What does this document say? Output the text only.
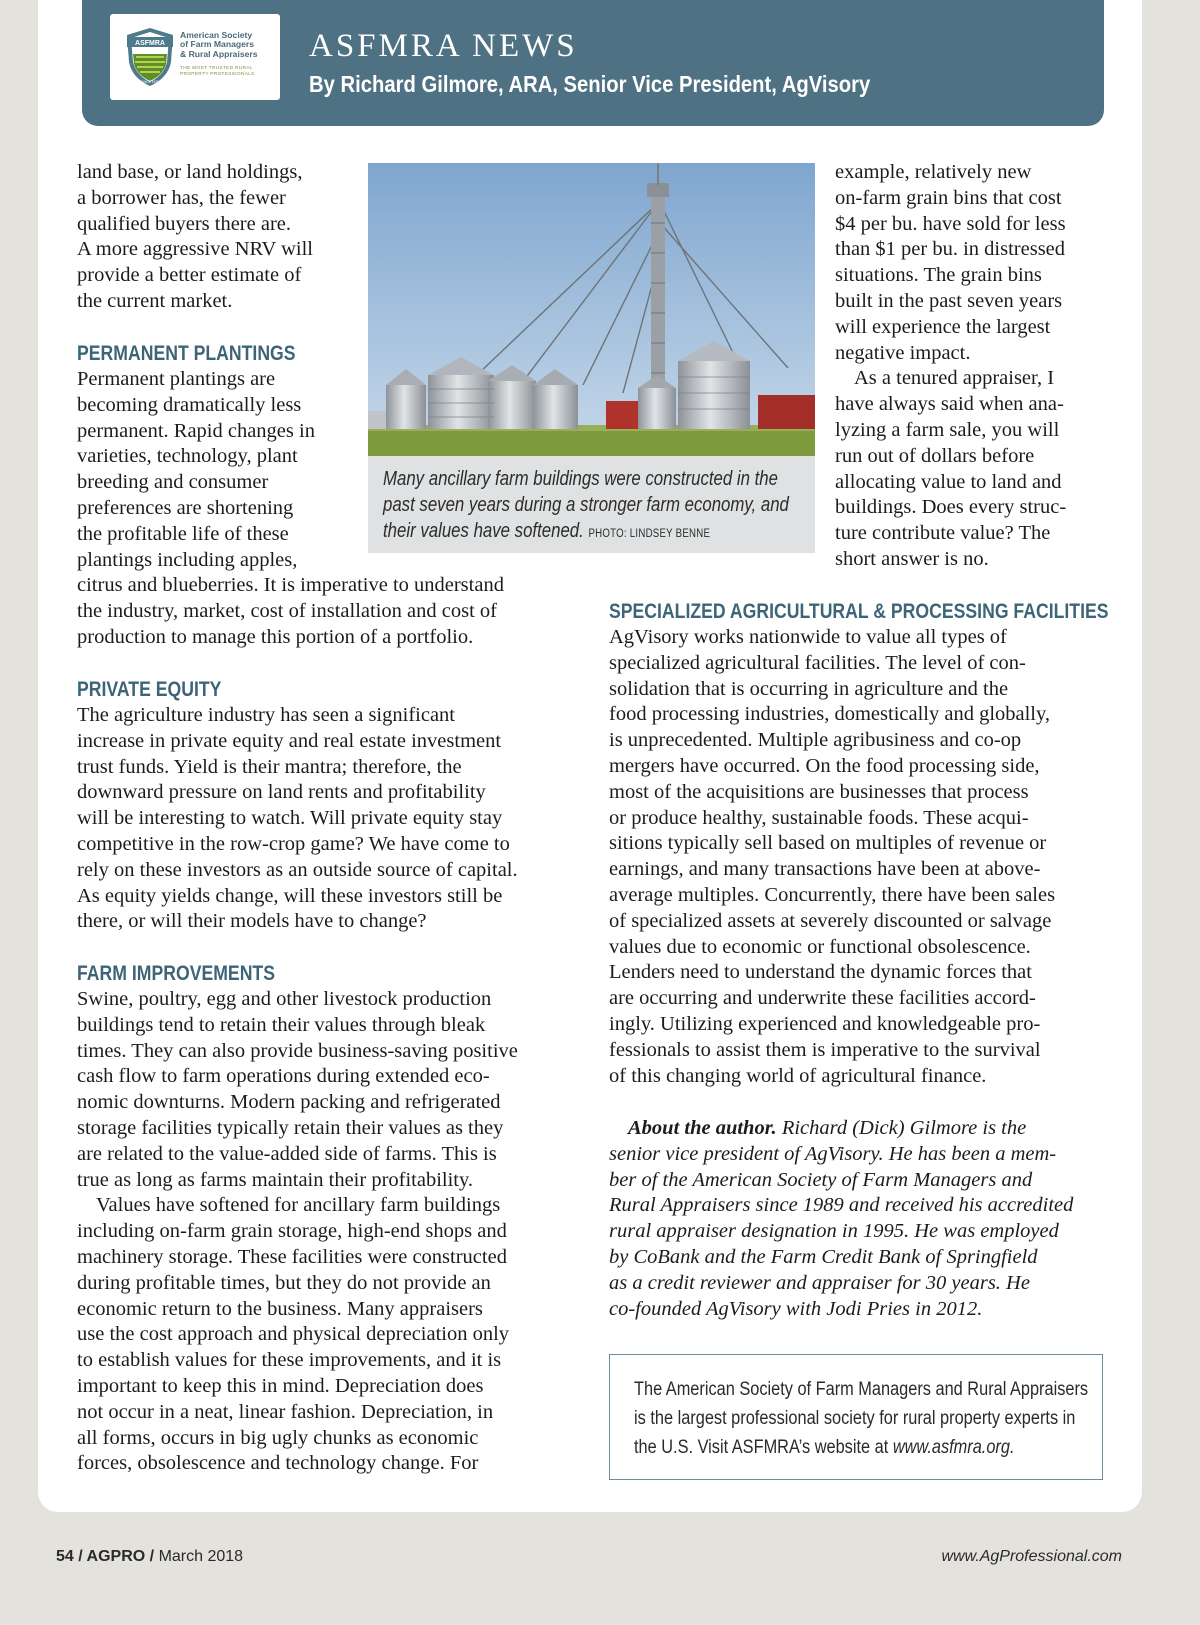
ASFMRA
SINCE 1929
American Society
of Farm Managers
& Rural Appraisers
THE MOST TRUSTED RURAL
PROPERTY PROFESSIONALS
ASFMRA NEWS
By Richard Gilmore, ARA, Senior Vice President, AgVisory
land base, or land holdings,
a borrower has, the fewer
qualified buyers there are.
A more aggressive NRV will
provide a better estimate of
the current market.
PERMANENT PLANTINGS
Permanent plantings are
becoming dramatically less
permanent. Rapid changes in
varieties, technology, plant
breeding and consumer
preferences are shortening
the profitable life of these
plantings including apples,
citrus and blueberries. It is imperative to understand
the industry, market, cost of installation and cost of
production to manage this portion of a portfolio.
PRIVATE EQUITY
The agriculture industry has seen a significant
increase in private equity and real estate investment
trust funds. Yield is their mantra; therefore, the
downward pressure on land rents and profitability
will be interesting to watch. Will private equity stay
competitive in the row-crop game? We have come to
rely on these investors as an outside source of capital.
As equity yields change, will these investors still be
there, or will their models have to change?
FARM IMPROVEMENTS
Swine, poultry, egg and other livestock production
buildings tend to retain their values through bleak
times. They can also provide business-saving positive
cash flow to farm operations during extended eco-
nomic downturns. Modern packing and refrigerated
storage facilities typically retain their values as they
are related to the value-added side of farms. This is
true as long as farms maintain their profitability.
Values have softened for ancillary farm buildings
including on-farm grain storage, high-end shops and
machinery storage. These facilities were constructed
during profitable times, but they do not provide an
economic return to the business. Many appraisers
use the cost approach and physical depreciation only
to establish values for these improvements, and it is
important to keep this in mind. Depreciation does
not occur in a neat, linear fashion. Depreciation, in
all forms, occurs in big ugly chunks as economic
forces, obsolescence and technology change. For
Many ancillary farm buildings were constructed in the
past seven years during a stronger farm economy, and
their values have softened. PHOTO: LINDSEY BENNE
example, relatively new
on-farm grain bins that cost
$4 per bu. have sold for less
than $1 per bu. in distressed
situations. The grain bins
built in the past seven years
will experience the largest
negative impact.
As a tenured appraiser, I
have always said when ana-
lyzing a farm sale, you will
run out of dollars before
allocating value to land and
buildings. Does every struc-
ture contribute value? The
short answer is no.
SPECIALIZED AGRICULTURAL & PROCESSING FACILITIES
AgVisory works nationwide to value all types of
specialized agricultural facilities. The level of con-
solidation that is occurring in agriculture and the
food processing industries, domestically and globally,
is unprecedented. Multiple agribusiness and co-op
mergers have occurred. On the food processing side,
most of the acquisitions are businesses that process
or produce healthy, sustainable foods. These acqui-
sitions typically sell based on multiples of revenue or
earnings, and many transactions have been at above-
average multiples. Concurrently, there have been sales
of specialized assets at severely discounted or salvage
values due to economic or functional obsolescence.
Lenders need to understand the dynamic forces that
are occurring and underwrite these facilities accord-
ingly. Utilizing experienced and knowledgeable pro-
fessionals to assist them is imperative to the survival
of this changing world of agricultural finance.
About the author. Richard (Dick) Gilmore is the
senior vice president of AgVisory. He has been a mem-
ber of the American Society of Farm Managers and
Rural Appraisers since 1989 and received his accredited
rural appraiser designation in 1995. He was employed
by CoBank and the Farm Credit Bank of Springfield
as a credit reviewer and appraiser for 30 years. He
co-founded AgVisory with Jodi Pries in 2012.
The American Society of Farm Managers and Rural Appraisers
is the largest professional society for rural property experts in
the U.S. Visit ASFMRA’s website at www.asfmra.org.
54 / AGPRO / March 2018	www.AgProfessional.com
